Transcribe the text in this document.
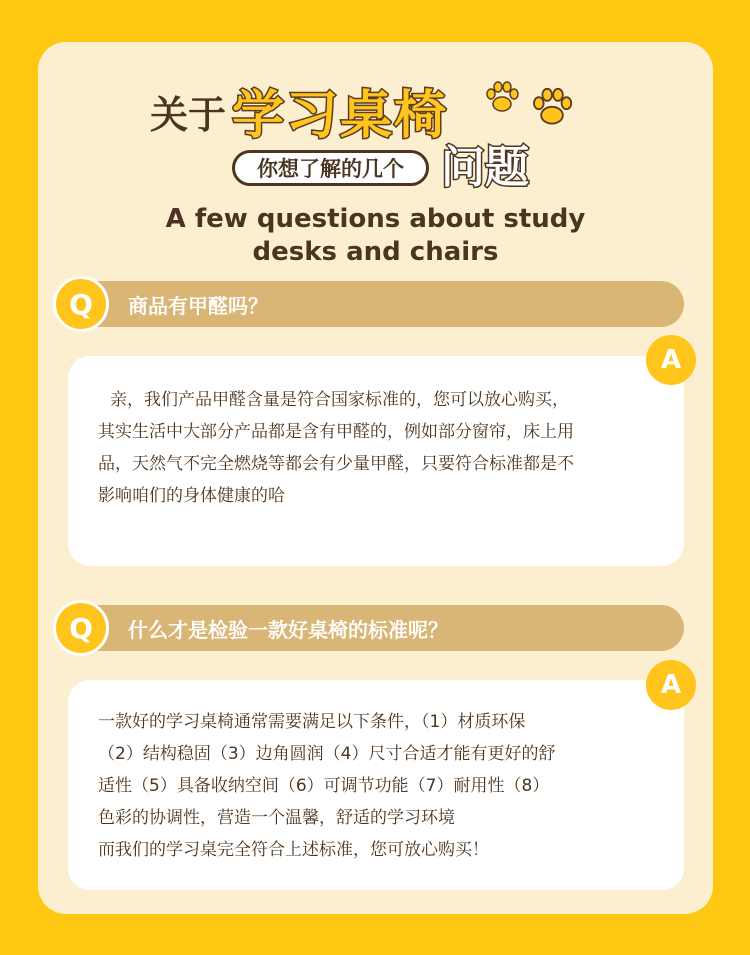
关于 学习桌椅
你想了解的几个 问题
A few questions about study
desks and chairs
Q	商品有甲醛吗？
亲，我们产品甲醛含量是符合国家标准的，您可以放心购买，
其实生活中大部分产品都是含有甲醛的，例如部分窗帘，床上用
品，天然气不完全燃烧等都会有少量甲醛，只要符合标准都是不
影响咱们的身体健康的哈
A
Q	什么才是检验一款好桌椅的标准呢？
一款好的学习桌椅通常需要满足以下条件，（1）材质环保
（2）结构稳固（3）边角圆润（4）尺寸合适才能有更好的舒
适性（5）具备收纳空间（6）可调节功能（7）耐用性（8）
色彩的协调性，营造一个温馨，舒适的学习环境
而我们的学习桌完全符合上述标准，您可放心购买！
A
